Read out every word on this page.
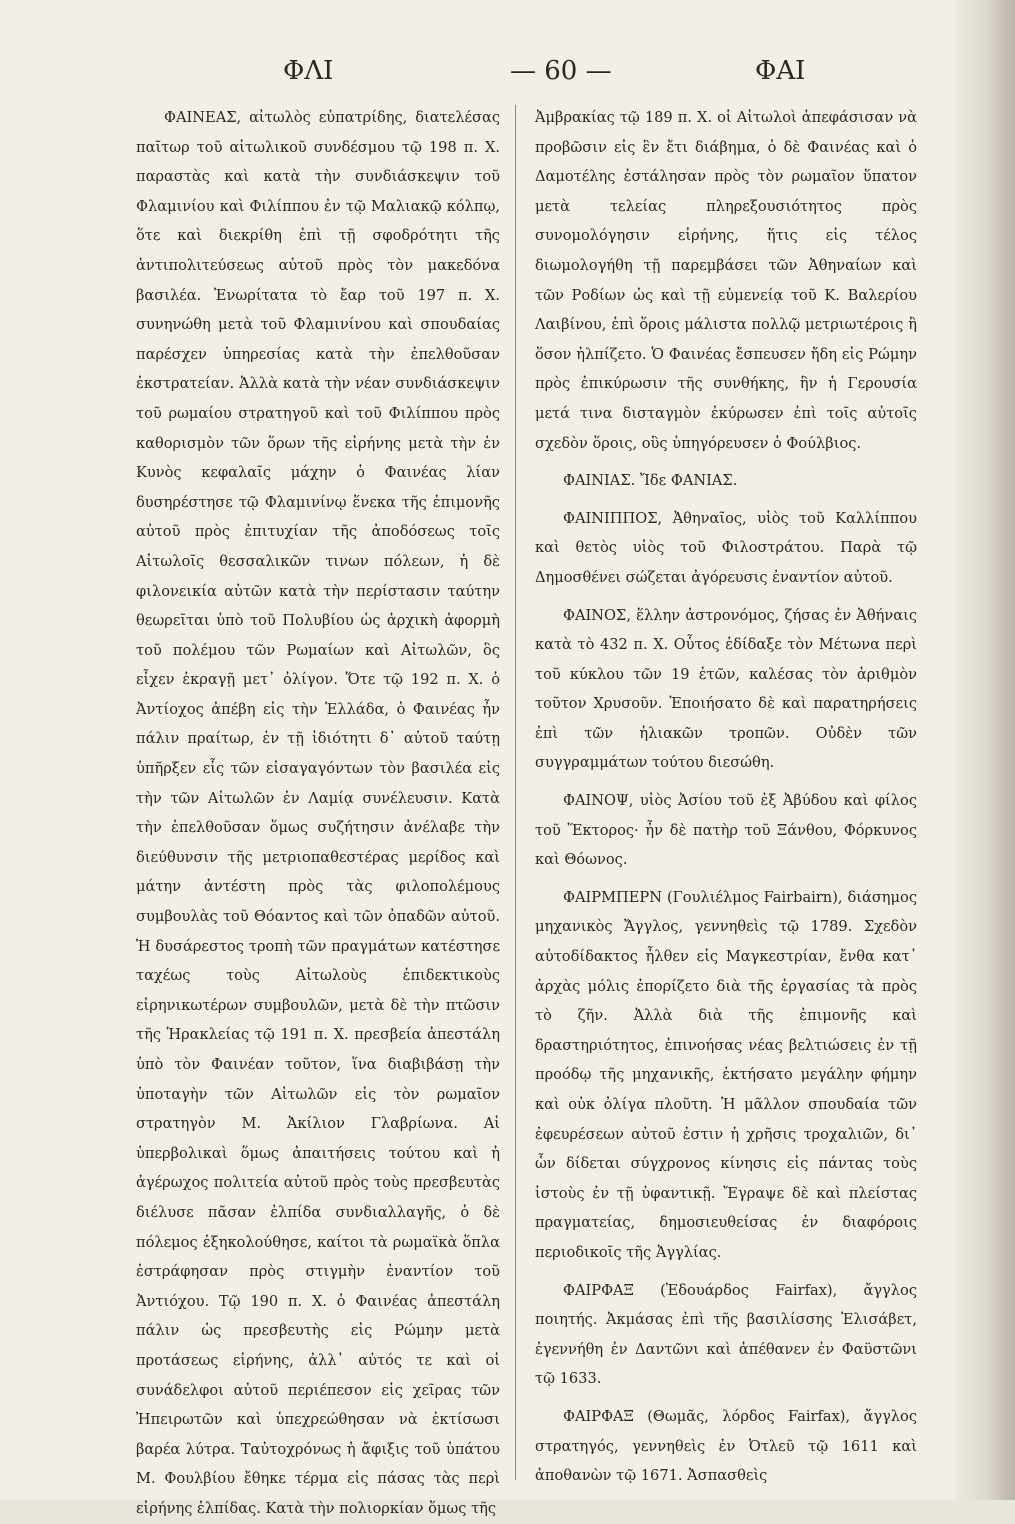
ΦΛΙ	— 60 —	ΦΑΙ

ΦΑΙΝΕΑΣ, αἰτωλὸς εὐπατρίδης, διατελέσας παῖτωρ τοῦ αἰτωλικοῦ συνδέσμου τῷ 198 π. Χ. παραστὰς καὶ κατὰ τὴν συνδιάσκεψιν τοῦ Φλαμινίου καὶ Φιλίππου ἐν τῷ Μαλιακῷ κόλπῳ, ὅτε καὶ διεκρίθη ἐπὶ τῇ σφοδρότητι τῆς ἀντιπολιτεύσεως αὐτοῦ πρὸς τὸν μακεδόνα βασιλέα. Ἐνωρίτατα τὸ ἔαρ τοῦ 197 π. Χ. συνηνώθη μετὰ τοῦ Φλαμινίνου καὶ σπουδαίας παρέσχεν ὑπηρεσίας κατὰ τὴν ἐπελθοῦσαν ἐκστρατείαν. Ἀλλὰ κατὰ τὴν νέαν συνδιάσκεψιν τοῦ ρωμαίου στρατηγοῦ καὶ τοῦ Φιλίππου πρὸς καθορισμὸν τῶν ὅρων τῆς εἰρήνης μετὰ τὴν ἐν Κυνὸς κεφαλαῖς μάχην ὁ Φαινέας λίαν δυσηρέστησε τῷ Φλαμινίνῳ ἕνεκα τῆς ἐπιμονῆς αὐτοῦ πρὸς ἐπιτυχίαν τῆς ἀποδόσεως τοῖς Αἰτωλοῖς θεσσαλικῶν τινων πόλεων, ἡ δὲ φιλονεικία αὐτῶν κατὰ τὴν περίστασιν ταύτην θεωρεῖται ὑπὸ τοῦ Πολυβίου ὡς ἀρχικὴ ἀφορμὴ τοῦ πολέμου τῶν Ρωμαίων καὶ Αἰτωλῶν, ὃς εἶχεν ἐκραγῇ μετ᾽ ὀλίγον. Ὅτε τῷ 192 π. Χ. ὁ Ἀντίοχος ἀπέβη εἰς τὴν Ἑλλάδα, ὁ Φαινέας ἦν πάλιν πραίτωρ, ἐν τῇ ἰδιότητι δ᾽ αὐτοῦ ταύτῃ ὑπῆρξεν εἷς τῶν εἰσαγαγόντων τὸν βασιλέα εἰς τὴν τῶν Αἰτωλῶν ἐν Λαμίᾳ συνέλευσιν. Κατὰ τὴν ἐπελθοῦσαν ὅμως συζήτησιν ἀνέλαβε τὴν διεύθυνσιν τῆς μετριοπαθεστέρας μερίδος καὶ μάτην ἀντέστη πρὸς τὰς φιλοπολέμους συμβουλὰς τοῦ Θόαντος καὶ τῶν ὀπαδῶν αὐτοῦ. Ἡ δυσάρεστος τροπὴ τῶν πραγμάτων κατέστησε ταχέως τοὺς Αἰτωλοὺς ἐπιδεκτικοὺς εἰρηνικωτέρων συμβουλῶν, μετὰ δὲ τὴν πτῶσιν τῆς Ἡρακλείας τῷ 191 π. Χ. πρεσβεία ἀπεστάλη ὑπὸ τὸν Φαινέαν τοῦτον, ἵνα διαβιβάσῃ τὴν ὑποταγὴν τῶν Αἰτωλῶν εἰς τὸν ρωμαῖον στρατηγὸν Μ. Ἀκίλιον Γλαβρίωνα. Αἱ ὑπερβολικαὶ ὅμως ἀπαιτήσεις τούτου καὶ ἡ ἀγέρωχος πολιτεία αὐτοῦ πρὸς τοὺς πρεσβευτὰς διέλυσε πᾶσαν ἐλπίδα συνδιαλλαγῆς, ὁ δὲ πόλεμος ἐξηκολούθησε, καίτοι τὰ ρωμαϊκὰ ὅπλα ἐστράφησαν πρὸς στιγμὴν ἐναντίον τοῦ Ἀντιόχου. Τῷ 190 π. Χ. ὁ Φαινέας ἀπεστάλη πάλιν ὡς πρεσβευτὴς εἰς Ρώμην μετὰ προτάσεως εἰρήνης, ἀλλ᾽ αὐτός τε καὶ οἱ συνάδελφοι αὐτοῦ περιέπεσον εἰς χεῖρας τῶν Ἠπειρωτῶν καὶ ὑπεχρεώθησαν νὰ ἐκτίσωσι βαρέα λύτρα. Ταὐτοχρόνως ἡ ἄφιξις τοῦ ὑπάτου Μ. Φουλβίου ἔθηκε τέρμα εἰς πάσας τὰς περὶ εἰρήνης ἐλπίδας. Κατὰ τὴν πολιορκίαν ὅμως τῆς

Ἀμβρακίας τῷ 189 π. Χ. οἱ Αἰτωλοὶ ἀπεφάσισαν νὰ προβῶσιν εἰς ἓν ἔτι διάβημα, ὁ δὲ Φαινέας καὶ ὁ Δαμοτέλης ἐστάλησαν πρὸς τὸν ρωμαῖον ὕπατον μετὰ τελείας πληρεξουσιότητος πρὸς συνομολόγησιν εἰρήνης, ἥτις εἰς τέλος διωμολογήθη τῇ παρεμβάσει τῶν Ἀθηναίων καὶ τῶν Ροδίων ὡς καὶ τῇ εὐμενείᾳ τοῦ Κ. Βαλερίου Λαιβίνου, ἐπὶ ὅροις μάλιστα πολλῷ μετριωτέροις ἢ ὅσον ἠλπίζετο. Ὁ Φαινέας ἔσπευσεν ἤδη εἰς Ρώμην πρὸς ἐπικύρωσιν τῆς συνθήκης, ἣν ἡ Γερουσία μετά τινα δισταγμὸν ἐκύρωσεν ἐπὶ τοῖς αὐτοῖς σχεδὸν ὅροις, οὓς ὑπηγόρευσεν ὁ Φούλβιος.

ΦΑΙΝΙΑΣ. Ἴδε ΦΑΝΙΑΣ.

ΦΑΙΝΙΠΠΟΣ, Ἀθηναῖος, υἱὸς τοῦ Καλλίππου καὶ θετὸς υἱὸς τοῦ Φιλοστράτου. Παρὰ τῷ Δημοσθένει σώζεται ἀγόρευσις ἐναντίον αὐτοῦ.

ΦΑΙΝΟΣ, ἕλλην ἀστρονόμος, ζήσας ἐν Ἀθήναις κατὰ τὸ 432 π. Χ. Οὗτος ἐδίδαξε τὸν Μέτωνα περὶ τοῦ κύκλου τῶν 19 ἐτῶν, καλέσας τὸν ἀριθμὸν τοῦτον Χρυσοῦν. Ἐποιήσατο δὲ καὶ παρατηρήσεις ἐπὶ τῶν ἡλιακῶν τροπῶν. Οὐδὲν τῶν συγγραμμάτων τούτου διεσώθη.

ΦΑΙΝΟΨ, υἱὸς Ἀσίου τοῦ ἐξ Ἀβύδου καὶ φίλος τοῦ Ἕκτορος· ἦν δὲ πατὴρ τοῦ Ξάνθου, Φόρκυνος καὶ Θόωνος.

ΦΑΙΡΜΠΕΡΝ (Γουλιέλμος Fairbairn), διάσημος μηχανικὸς Ἄγγλος, γεννηθεὶς τῷ 1789. Σχεδὸν αὐτοδίδακτος ἦλθεν εἰς Μαγκεστρίαν, ἔνθα κατ᾽ ἀρχὰς μόλις ἐπορίζετο διὰ τῆς ἐργασίας τὰ πρὸς τὸ ζῆν. Ἀλλὰ διὰ τῆς ἐπιμονῆς καὶ δραστηριότητος, ἐπινοήσας νέας βελτιώσεις ἐν τῇ προόδῳ τῆς μηχανικῆς, ἐκτήσατο μεγάλην φήμην καὶ οὐκ ὀλίγα πλοῦτη. Ἡ μᾶλλον σπουδαία τῶν ἐφευρέσεων αὐτοῦ ἐστιν ἡ χρῆσις τροχαλιῶν, δι᾽ ὧν δίδεται σύγχρονος κίνησις εἰς πάντας τοὺς ἱστοὺς ἐν τῇ ὑφαντικῇ. Ἔγραψε δὲ καὶ πλείστας πραγματείας, δημοσιευθείσας ἐν διαφόροις περιοδικοῖς τῆς Ἀγγλίας.

ΦΑΙΡΦΑΞ (Ἐδουάρδος Fairfax), ἄγγλος ποιητής. Ἀκμάσας ἐπὶ τῆς βασιλίσσης Ἐλισάβετ, ἐγεννήθη ἐν Δαντῶνι καὶ ἀπέθανεν ἐν Φαϋστῶνι τῷ 1633.

ΦΑΙΡΦΑΞ (Θωμᾶς, λόρδος Fairfax), ἄγγλος στρατηγός, γεννηθεὶς ἐν Ὀτλεῦ τῷ 1611 καὶ ἀποθανὼν τῷ 1671. Ἀσπασθεὶς
